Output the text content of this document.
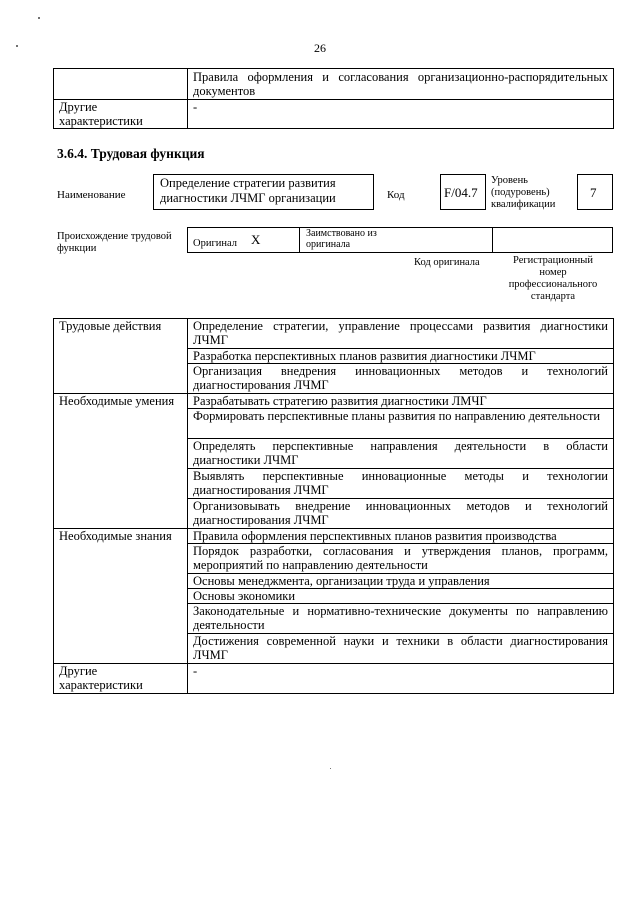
26
	Правила оформления и согласования организационно-распорядительных документов
Другие характеристики	-
3.6.4. Трудовая функция
Наименование
Определение стратегии развития
диагностики ЛЧМГ организации	Код	F/04.7
Уровень
(подуровень)
квалификации
7
Происхождение трудовой
функции	Оригинал X	Заимствовано из
оригинала
Код оригинала	Регистрационный
номер
профессионального
стандарта
Трудовые действия	Определение стратегии, управление процессами развития диагностики ЛЧМГ
	Разработка перспективных планов развития диагностики ЛЧМГ
	Организация внедрения инновационных методов и технологий диагностирования ЛЧМГ
Необходимые умения	Разрабатывать стратегию развития диагностики ЛМЧГ
	Формировать перспективные планы развития по направлению деятельности
	Определять перспективные направления деятельности в области диагностики ЛЧМГ
	Выявлять перспективные инновационные методы и технологии диагностирования ЛЧМГ
	Организовывать внедрение инновационных методов и технологий диагностирования ЛЧМГ
Необходимые знания	Правила оформления перспективных планов развития производства
	Порядок разработки, согласования и утверждения планов, программ, мероприятий по направлению деятельности
	Основы менеджмента, организации труда и управления
	Основы экономики
	Законодательные и нормативно-технические документы по направлению деятельности
	Достижения современной науки и техники в области диагностирования ЛЧМГ
Другие характеристики	-
